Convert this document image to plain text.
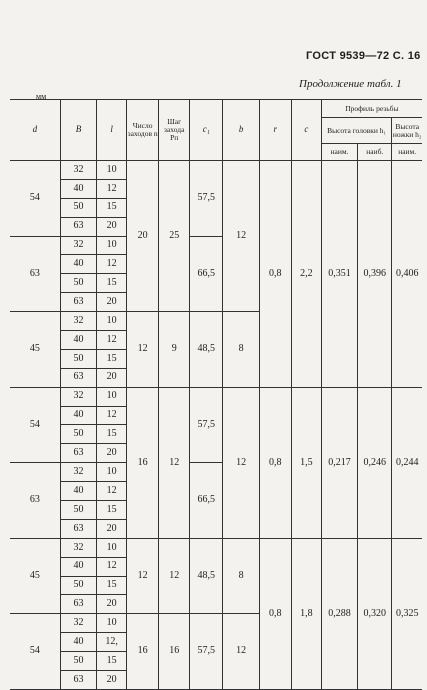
ГОСТ 9539—72 С. 16
Продолжение табл. 1
мм
d	B	l	Число заходов n	Шаг захода Pп	c₁	b	r	c	Профиль резьбы		
									Высота головки h₁		Высота ножки h₂
									наим.	наиб.	наим.
54	32	10	20	25	57,5	12	0,8	2,2	0,351	0,396	0,406
	40	12									
	50	15									
	63	20									
63	32	10			66,5						
	40	12									
	50	15									
	63	20									
45	32	10	12	9	48,5	8					
	40	12									
	50	15									
	63	20									
54	32	10	16	12	57,5	12	0,8	1,5	0,217	0,246	0,244
	40	12									
	50	15									
	63	20									
63	32	10			66,5						
	40	12									
	50	15									
	63	20									
45	32	10	12	12	48,5	8	0,8	1,8	0,288	0,320	0,325
	40	12									
	50	15									
	63	20									
54	32	10	16	16	57,5	12					
	40	12,									
	50	15									
	63	20									
